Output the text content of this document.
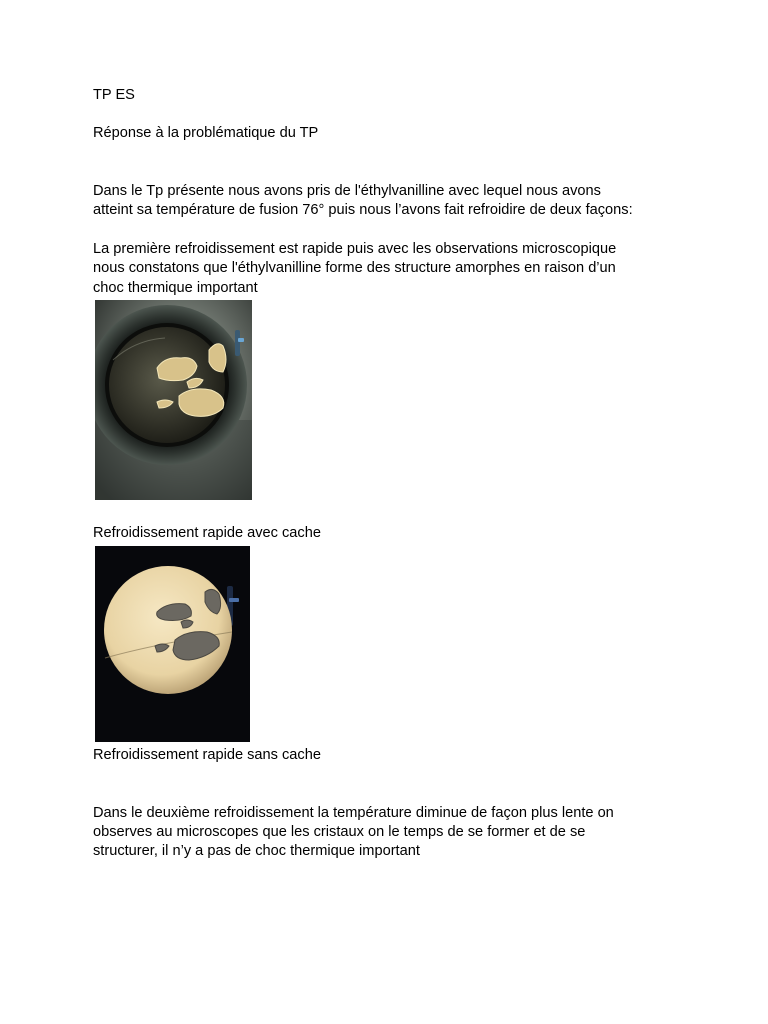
TP ES

Réponse à la problématique du TP

Dans le Tp présente nous avons pris de l'éthylvanilline avec lequel nous avons

atteint sa température de fusion 76° puis nous l’avons fait refroidire de deux façons:

La première refroidissement est rapide puis avec les observations microscopique

nous constatons que l'éthylvanilline forme des structure amorphes en raison d’un

choc thermique important

Refroidissement rapide avec cache

Refroidissement rapide sans cache

Dans le deuxième refroidissement la température diminue de façon plus lente on

observes au microscopes que les cristaux on le temps de se former et de se

structurer, il n’y a pas de choc thermique important
